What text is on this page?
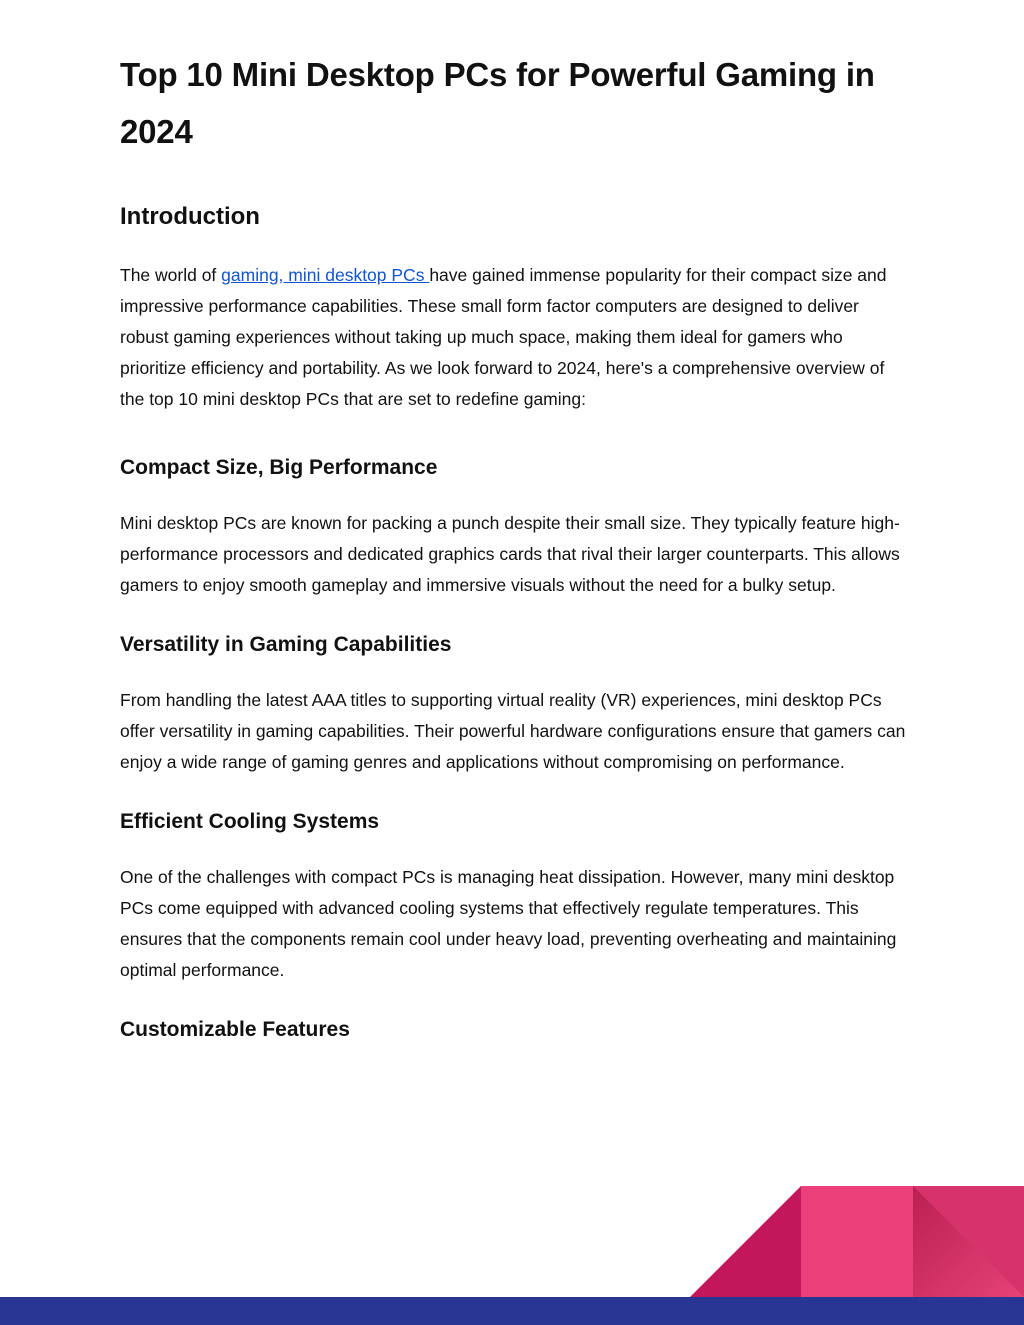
Top 10 Mini Desktop PCs for Powerful Gaming in 2024
Introduction

The world of gaming, mini desktop PCs have gained immense popularity for their compact size and impressive performance capabilities. These small form factor computers are designed to deliver robust gaming experiences without taking up much space, making them ideal for gamers who prioritize efficiency and portability. As we look forward to 2024, here's a comprehensive overview of the top 10 mini desktop PCs that are set to redefine gaming:

Compact Size, Big Performance

Mini desktop PCs are known for packing a punch despite their small size. They typically feature high-performance processors and dedicated graphics cards that rival their larger counterparts. This allows gamers to enjoy smooth gameplay and immersive visuals without the need for a bulky setup.

Versatility in Gaming Capabilities

From handling the latest AAA titles to supporting virtual reality (VR) experiences, mini desktop PCs offer versatility in gaming capabilities. Their powerful hardware configurations ensure that gamers can enjoy a wide range of gaming genres and applications without compromising on performance.

Efficient Cooling Systems

One of the challenges with compact PCs is managing heat dissipation. However, many mini desktop PCs come equipped with advanced cooling systems that effectively regulate temperatures. This ensures that the components remain cool under heavy load, preventing overheating and maintaining optimal performance.

Customizable Features
